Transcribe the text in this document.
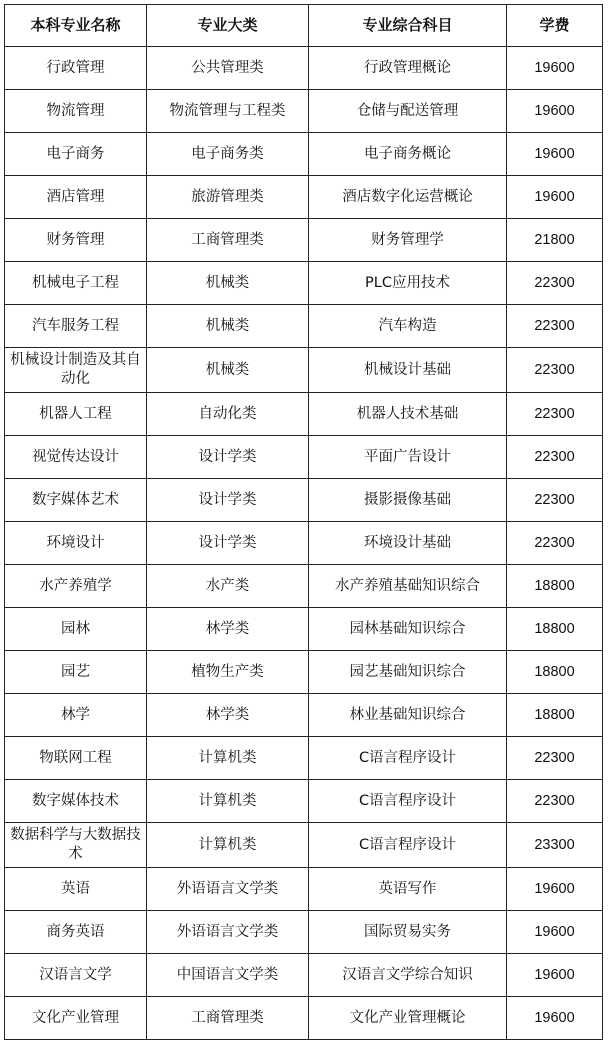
本科专业名称	专业大类	专业综合科目	学费
行政管理	公共管理类	行政管理概论	19600
物流管理	物流管理与工程类	仓储与配送管理	19600
电子商务	电子商务类	电子商务概论	19600
酒店管理	旅游管理类	酒店数字化运营概论	19600
财务管理	工商管理类	财务管理学	21800
机械电子工程	机械类	PLC应用技术	22300
汽车服务工程	机械类	汽车构造	22300
机械设计制造及其自动化	机械类	机械设计基础	22300
机器人工程	自动化类	机器人技术基础	22300
视觉传达设计	设计学类	平面广告设计	22300
数字媒体艺术	设计学类	摄影摄像基础	22300
环境设计	设计学类	环境设计基础	22300
水产养殖学	水产类	水产养殖基础知识综合	18800
园林	林学类	园林基础知识综合	18800
园艺	植物生产类	园艺基础知识综合	18800
林学	林学类	林业基础知识综合	18800
物联网工程	计算机类	C语言程序设计	22300
数字媒体技术	计算机类	C语言程序设计	22300
数据科学与大数据技术	计算机类	C语言程序设计	23300
英语	外语语言文学类	英语写作	19600
商务英语	外语语言文学类	国际贸易实务	19600
汉语言文学	中国语言文学类	汉语言文学综合知识	19600
文化产业管理	工商管理类	文化产业管理概论	19600
